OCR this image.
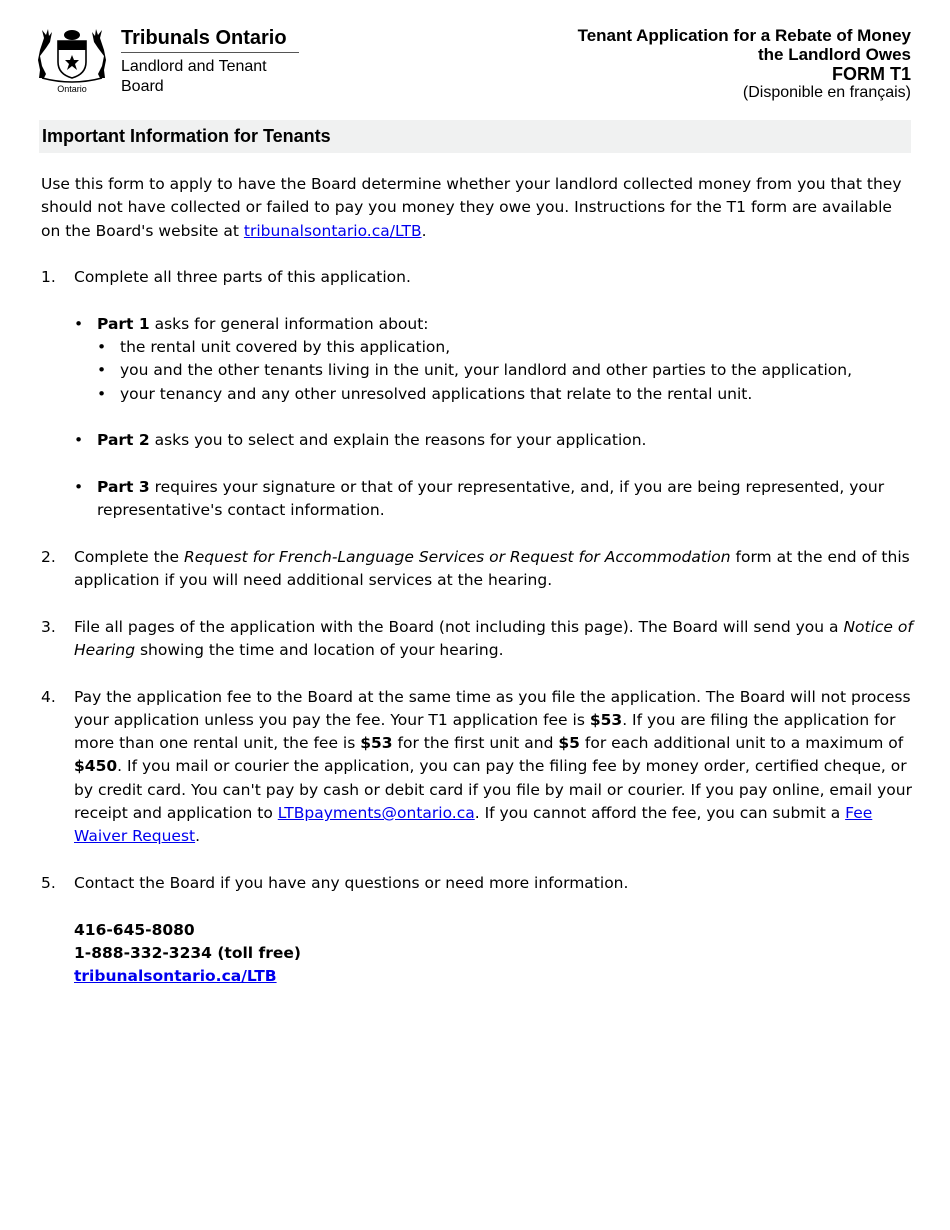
Ontario
Tribunals Ontario
Landlord and Tenant Board
Tenant Application for a Rebate of Money
the Landlord Owes
FORM T1
(Disponible en français)
Important Information for Tenants

Use this form to apply to have the Board determine whether your landlord collected money from you that they should not have collected or failed to pay you money they owe you. Instructions for the T1 form are available on the Board's website at tribunalsontario.ca/LTB.

1.	Complete all three parts of this application.
• Part 1 asks for general information about:
• the rental unit covered by this application,
• you and the other tenants living in the unit, your landlord and other parties to the application,
• your tenancy and any other unresolved applications that relate to the rental unit.
• Part 2 asks you to select and explain the reasons for your application.
• Part 3 requires your signature or that of your representative, and, if you are being represented, your representative's contact information.
2.	Complete the Request for French-Language Services or Request for Accommodation form at the end of this application if you will need additional services at the hearing.
3.	File all pages of the application with the Board (not including this page). The Board will send you a Notice of Hearing showing the time and location of your hearing.
4.	Pay the application fee to the Board at the same time as you file the application. The Board will not process your application unless you pay the fee. Your T1 application fee is $53. If you are filing the application for more than one rental unit, the fee is $53 for the first unit and $5 for each additional unit to a maximum of $450. If you mail or courier the application, you can pay the filing fee by money order, certified cheque, or by credit card. You can't pay by cash or debit card if you file by mail or courier. If you pay online, email your receipt and application to LTBpayments@ontario.ca. If you cannot afford the fee, you can submit a Fee Waiver Request.
5.	Contact the Board if you have any questions or need more information.
416-645-8080
1-888-332-3234 (toll free)
tribunalsontario.ca/LTB
